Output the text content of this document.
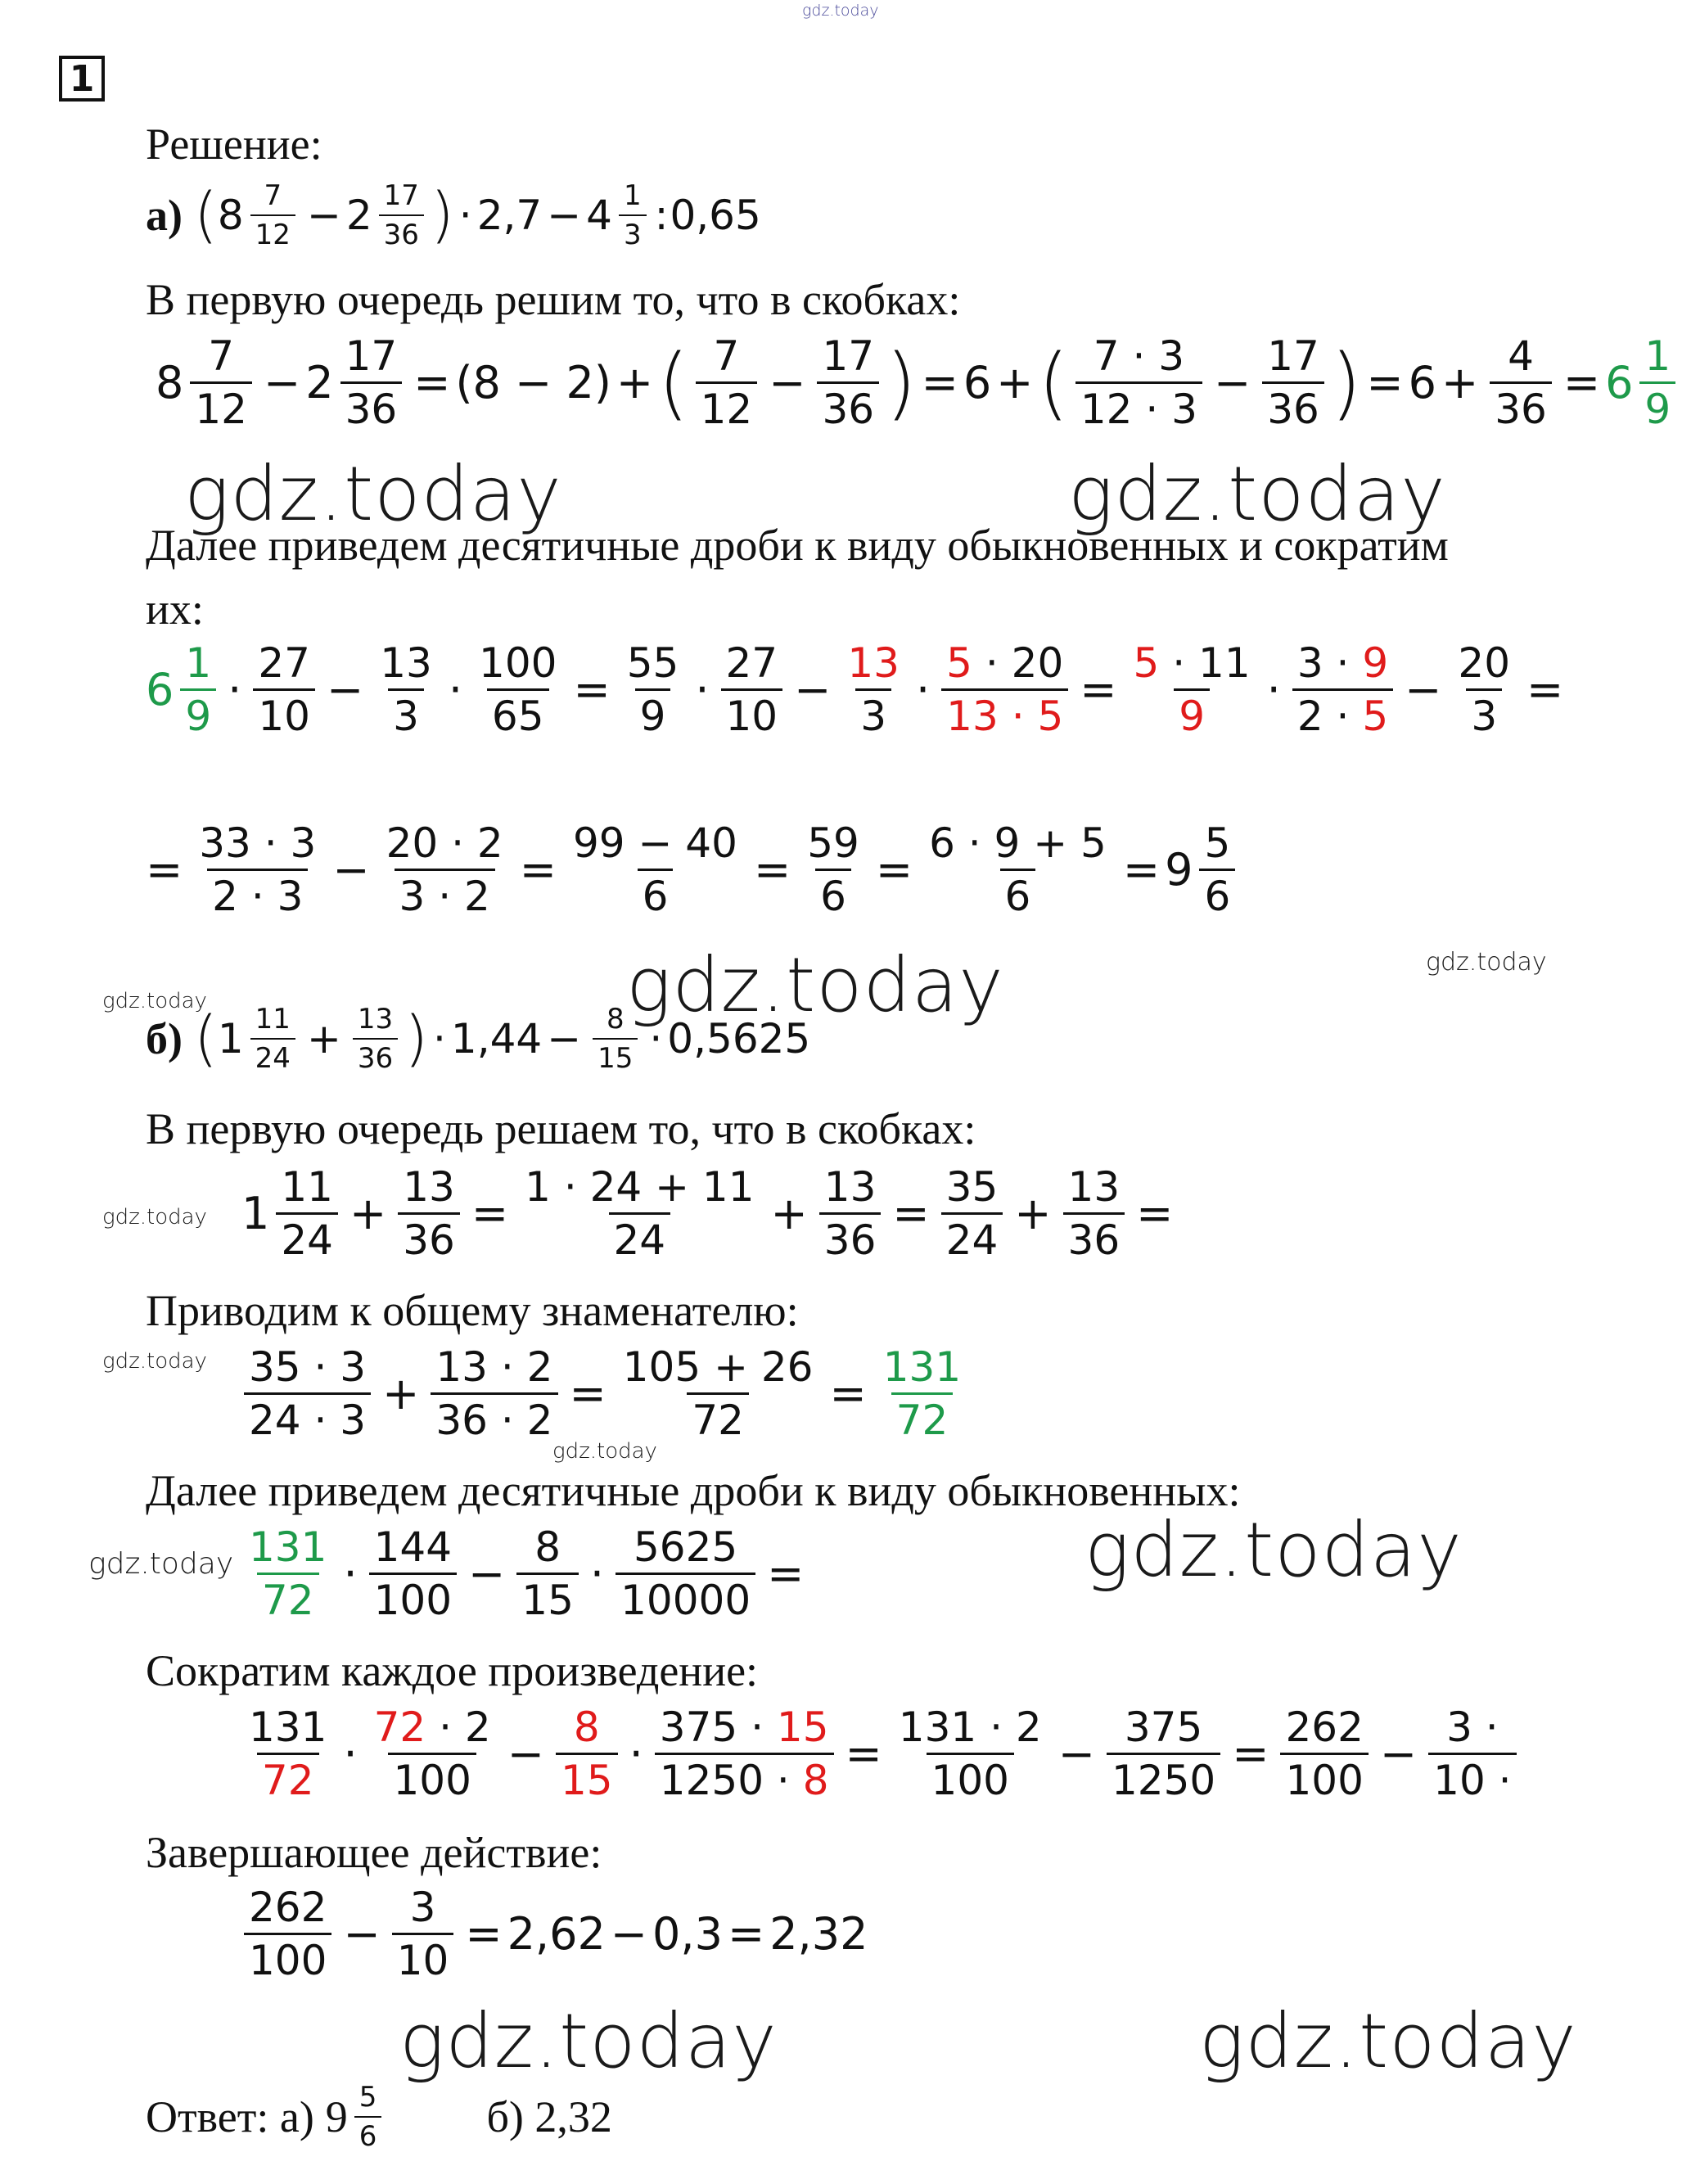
gdz.today
gdz.today	gdz.today
gdz.today	gdz.today
gdz.today
gdz.today
gdz.today
gdz.today
gdz.today	gdz.today
gdz.today	gdz.today
1
Решение:
а) ( 8 7
12 − 2 17
36 ) · 2,7 − 4 1
3 : 0,65
В первую очередь решим то, что в скобках:
8
7
12
− $2 \frac{17}{36} = (8 - 2)$ + ( 7
12
− $\frac{17}{36}$ ) = 6 + ( 7 · 3
12 · 3
− $\frac{17}{36}$ ) = $6 + \frac{4}{36} = 6$
1
9
Далее приведем десятичные дроби к виду обыкновенных и сократим
их:
6
1
9
·
27
10
− $\frac{13}{3} \cdot \frac{100}{65} = \frac{55}{9}$ ·
27
10
− $\frac{13}{3} \cdot \frac{5 \cdot 20}{13 \cdot 5} = \frac{5 \cdot 11}{9}$ ·
3 · 9
2 · 5
− $\frac{20}{3}$ =
= $\frac{33 \cdot 3}{2 \cdot 3} - \frac{20 \cdot 2}{3 \cdot 2} = \frac{99 - 40}{6} = \frac{59}{6} = \frac{6 \cdot 9 + 5}{6} = 9$
5
6
б) ( 1 11
$24 + \frac{13}{36}$ ) · $1,44 - \frac{8}{15} \cdot 0,5625$
В первую очередь решаем то, что в скобках:
1
11
24
+ $\frac{13}{36} = \frac{1 \cdot 24 + 11}{24} + \frac{13}{36} = \frac{35}{24} + \frac{13}{36}$ =
Приводим к общему знаменателю:
35 · 3
24 · 3
+ $\frac{13 \cdot 2}{36 \cdot 2} = \frac{105 + 26}{72} = \frac{131}{72}$
Далее приведем десятичные дроби к виду обыкновенных:
131
72
·
144
100
− $\frac{8}{15} \cdot \frac{5625}{10000}$ =
Сократим каждое произведение:
131
72
·
72 · 2
100
− $\frac{8}{15} \cdot \frac{375 \cdot 15}{1250 \cdot 8} = \frac{131 \cdot 2}{100} - \frac{375}{1250} = \frac{262}{100} - \frac{3 \cdot}{10 \cdot}$
Завершающее действие:
262
100
− $\frac{3}{10} = 2,62 - 0,3 = 2,32$
Ответ: а) 9 5
6 б) 2,32
